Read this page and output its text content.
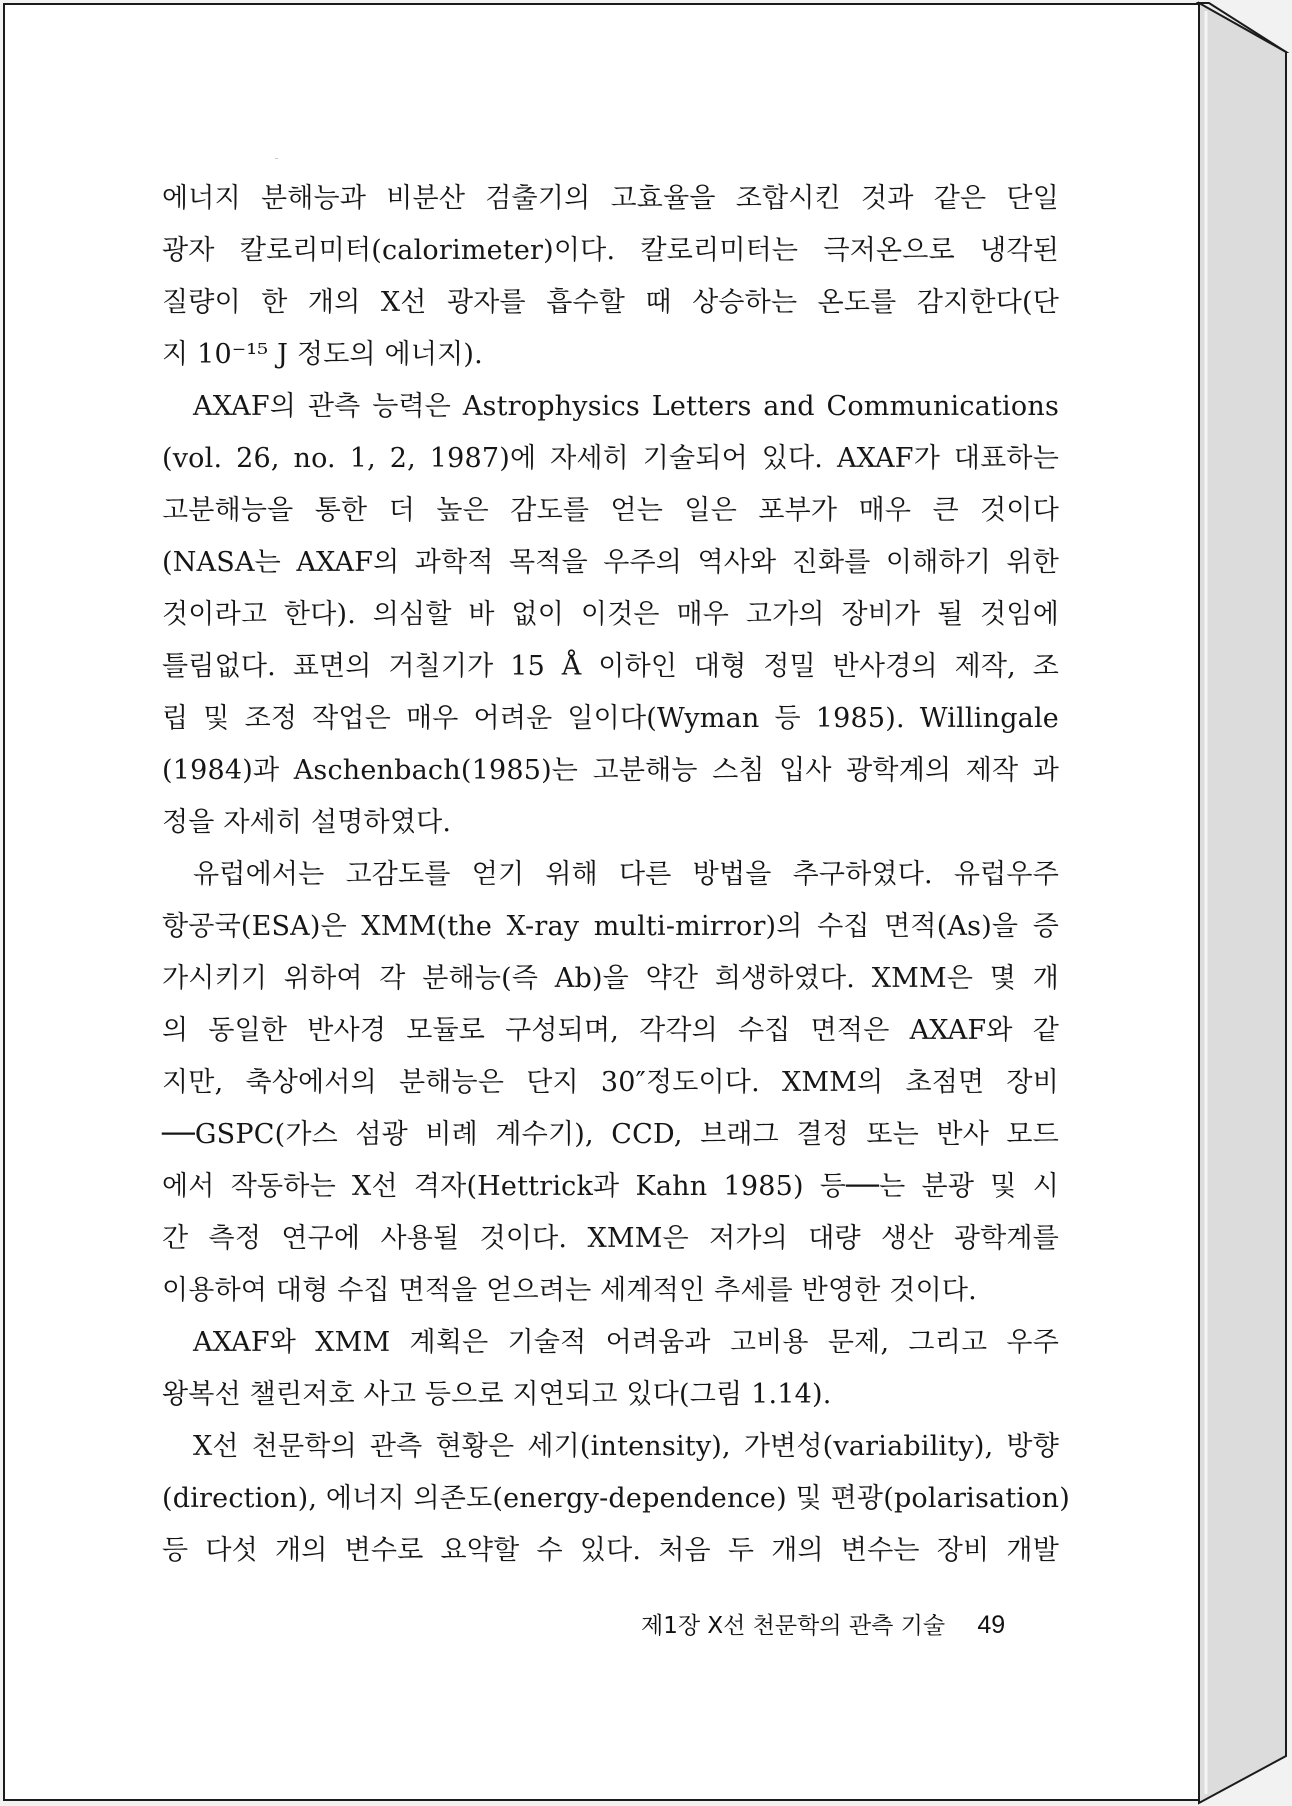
에너지 분해능과 비분산 검출기의 고효율을 조합시킨 것과 같은 단일
광자 칼로리미터(calorimeter)이다. 칼로리미터는 극저온으로 냉각된
질량이 한 개의 X선 광자를 흡수할 때 상승하는 온도를 감지한다(단
지 10⁻¹⁵ J 정도의 에너지).
AXAF의 관측 능력은 Astrophysics Letters and Communications
(vol. 26, no. 1, 2, 1987)에 자세히 기술되어 있다. AXAF가 대표하는
고분해능을 통한 더 높은 감도를 얻는 일은 포부가 매우 큰 것이다
(NASA는 AXAF의 과학적 목적을 우주의 역사와 진화를 이해하기 위한
것이라고 한다). 의심할 바 없이 이것은 매우 고가의 장비가 될 것임에
틀림없다. 표면의 거칠기가 15 Å 이하인 대형 정밀 반사경의 제작, 조
립 및 조정 작업은 매우 어려운 일이다(Wyman 등 1985). Willingale
(1984)과 Aschenbach(1985)는 고분해능 스침 입사 광학계의 제작 과
정을 자세히 설명하였다.
유럽에서는 고감도를 얻기 위해 다른 방법을 추구하였다. 유럽우주
항공국(ESA)은 XMM(the X-ray multi-mirror)의 수집 면적(As)을 증
가시키기 위하여 각 분해능(즉 Ab)을 약간 희생하였다. XMM은 몇 개
의 동일한 반사경 모듈로 구성되며, 각각의 수집 면적은 AXAF와 같
지만, 축상에서의 분해능은 단지 30″정도이다. XMM의 초점면 장비
──GSPC(가스 섬광 비례 계수기), CCD, 브래그 결정 또는 반사 모드
에서 작동하는 X선 격자(Hettrick과 Kahn 1985) 등──는 분광 및 시
간 측정 연구에 사용될 것이다. XMM은 저가의 대량 생산 광학계를
이용하여 대형 수집 면적을 얻으려는 세계적인 추세를 반영한 것이다.
AXAF와 XMM 계획은 기술적 어려움과 고비용 문제, 그리고 우주
왕복선 챌린저호 사고 등으로 지연되고 있다(그림 1.14).
X선 천문학의 관측 현황은 세기(intensity), 가변성(variability), 방향
(direction), 에너지 의존도(energy-dependence) 및 편광(polarisation)
등 다섯 개의 변수로 요약할 수 있다. 처음 두 개의 변수는 장비 개발
제1장 X선 천문학의 관측 기술 49
